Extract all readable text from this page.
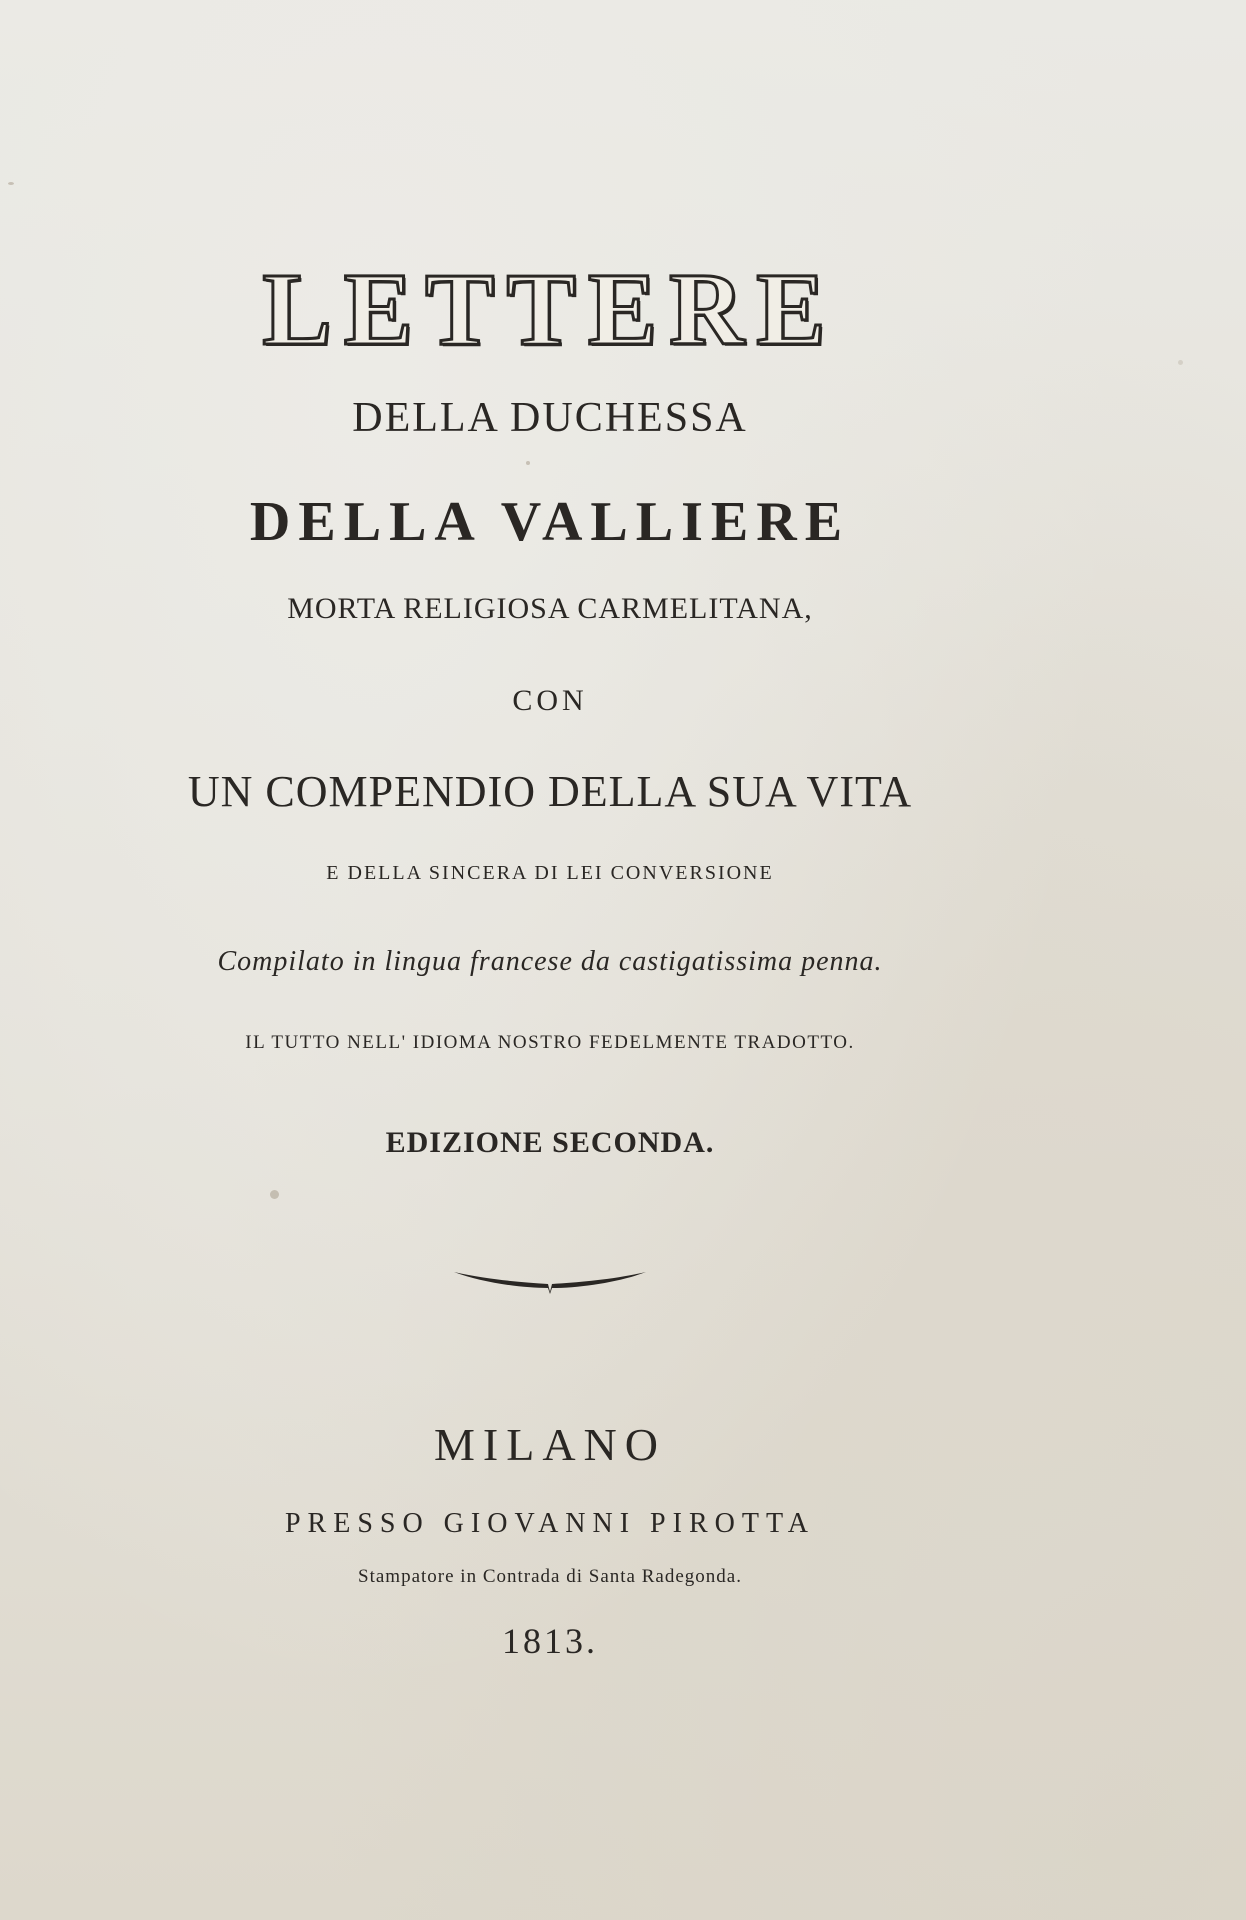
LETTERE
DELLA DUCHESSA
DELLA VALLIERE
MORTA RELIGIOSA CARMELITANA,
CON
UN COMPENDIO DELLA SUA VITA
E DELLA SINCERA DI LEI CONVERSIONE
Compilato in lingua francese da castigatissima penna.
IL TUTTO NELL' IDIOMA NOSTRO FEDELMENTE TRADOTTO.
EDIZIONE SECONDA.
MILANO
PRESSO GIOVANNI PIROTTA
Stampatore in Contrada di Santa Radegonda.
1813.
